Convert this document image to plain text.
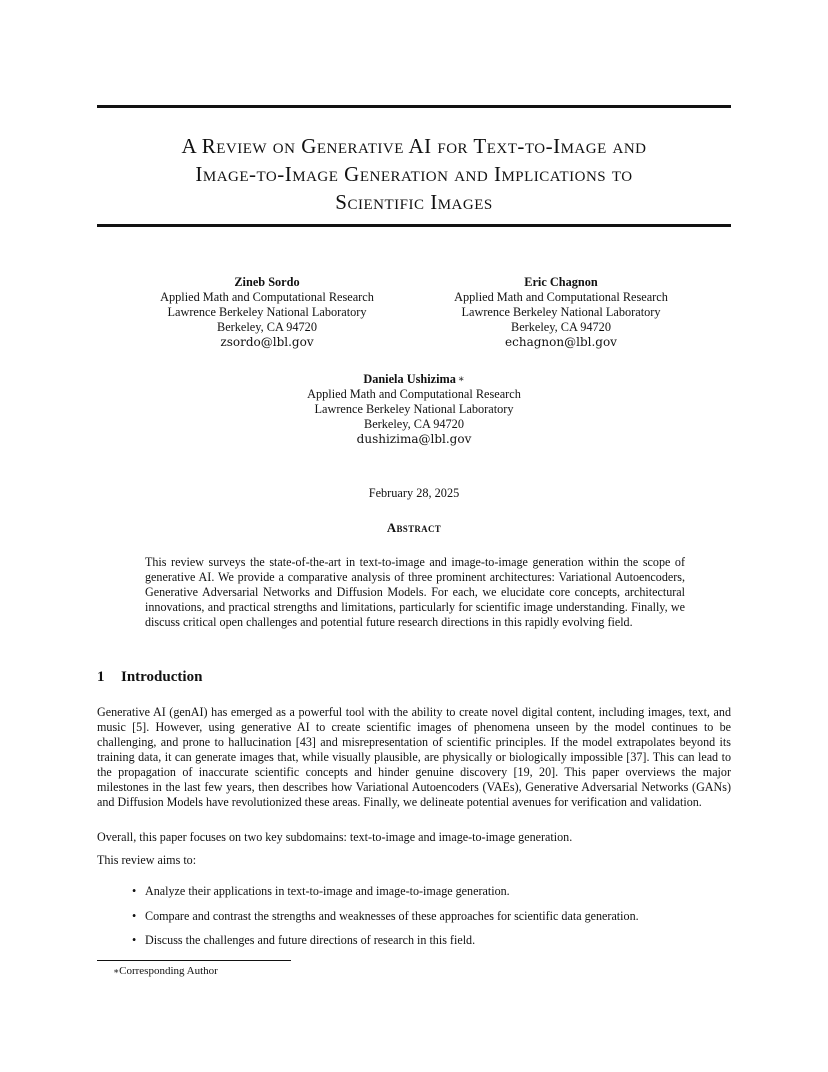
A Review on Generative AI for Text-to-Image and
Image-to-Image Generation and Implications to
Scientific Images
Zineb Sordo
Applied Math and Computational Research
Lawrence Berkeley National Laboratory
Berkeley, CA 94720
zsordo@lbl.gov
Eric Chagnon
Applied Math and Computational Research
Lawrence Berkeley National Laboratory
Berkeley, CA 94720
echagnon@lbl.gov
Daniela Ushizima ∗
Applied Math and Computational Research
Lawrence Berkeley National Laboratory
Berkeley, CA 94720
dushizima@lbl.gov
February 28, 2025
Abstract
This review surveys the state-of-the-art in text-to-image and image-to-image generation within the scope of generative AI. We provide a comparative analysis of three prominent architectures: Variational Autoencoders, Generative Adversarial Networks and Diffusion Models. For each, we elucidate core concepts, architectural innovations, and practical strengths and limitations, particularly for scientific image understanding. Finally, we discuss critical open challenges and potential future research directions in this rapidly evolving field.
1 Introduction
Generative AI (genAI) has emerged as a powerful tool with the ability to create novel digital content, including images, text, and music [5]. However, using generative AI to create scientific images of phenomena unseen by the model continues to be challenging, and prone to hallucination [43] and misrepresentation of scientific principles. If the model extrapolates beyond its training data, it can generate images that, while visually plausible, are physically or biologically impossible [37]. This can lead to the propagation of inaccurate scientific concepts and hinder genuine discovery [19, 20]. This paper overviews the major milestones in the last few years, then describes how Variational Autoencoders (VAEs), Generative Adversarial Networks (GANs) and Diffusion Models have revolutionized these areas. Finally, we delineate potential avenues for verification and validation.
Overall, this paper focuses on two key subdomains: text-to-image and image-to-image generation.
This review aims to:
• Analyze their applications in text-to-image and image-to-image generation.
• Compare and contrast the strengths and weaknesses of these approaches for scientific data generation.
• Discuss the challenges and future directions of research in this field.
∗Corresponding Author
